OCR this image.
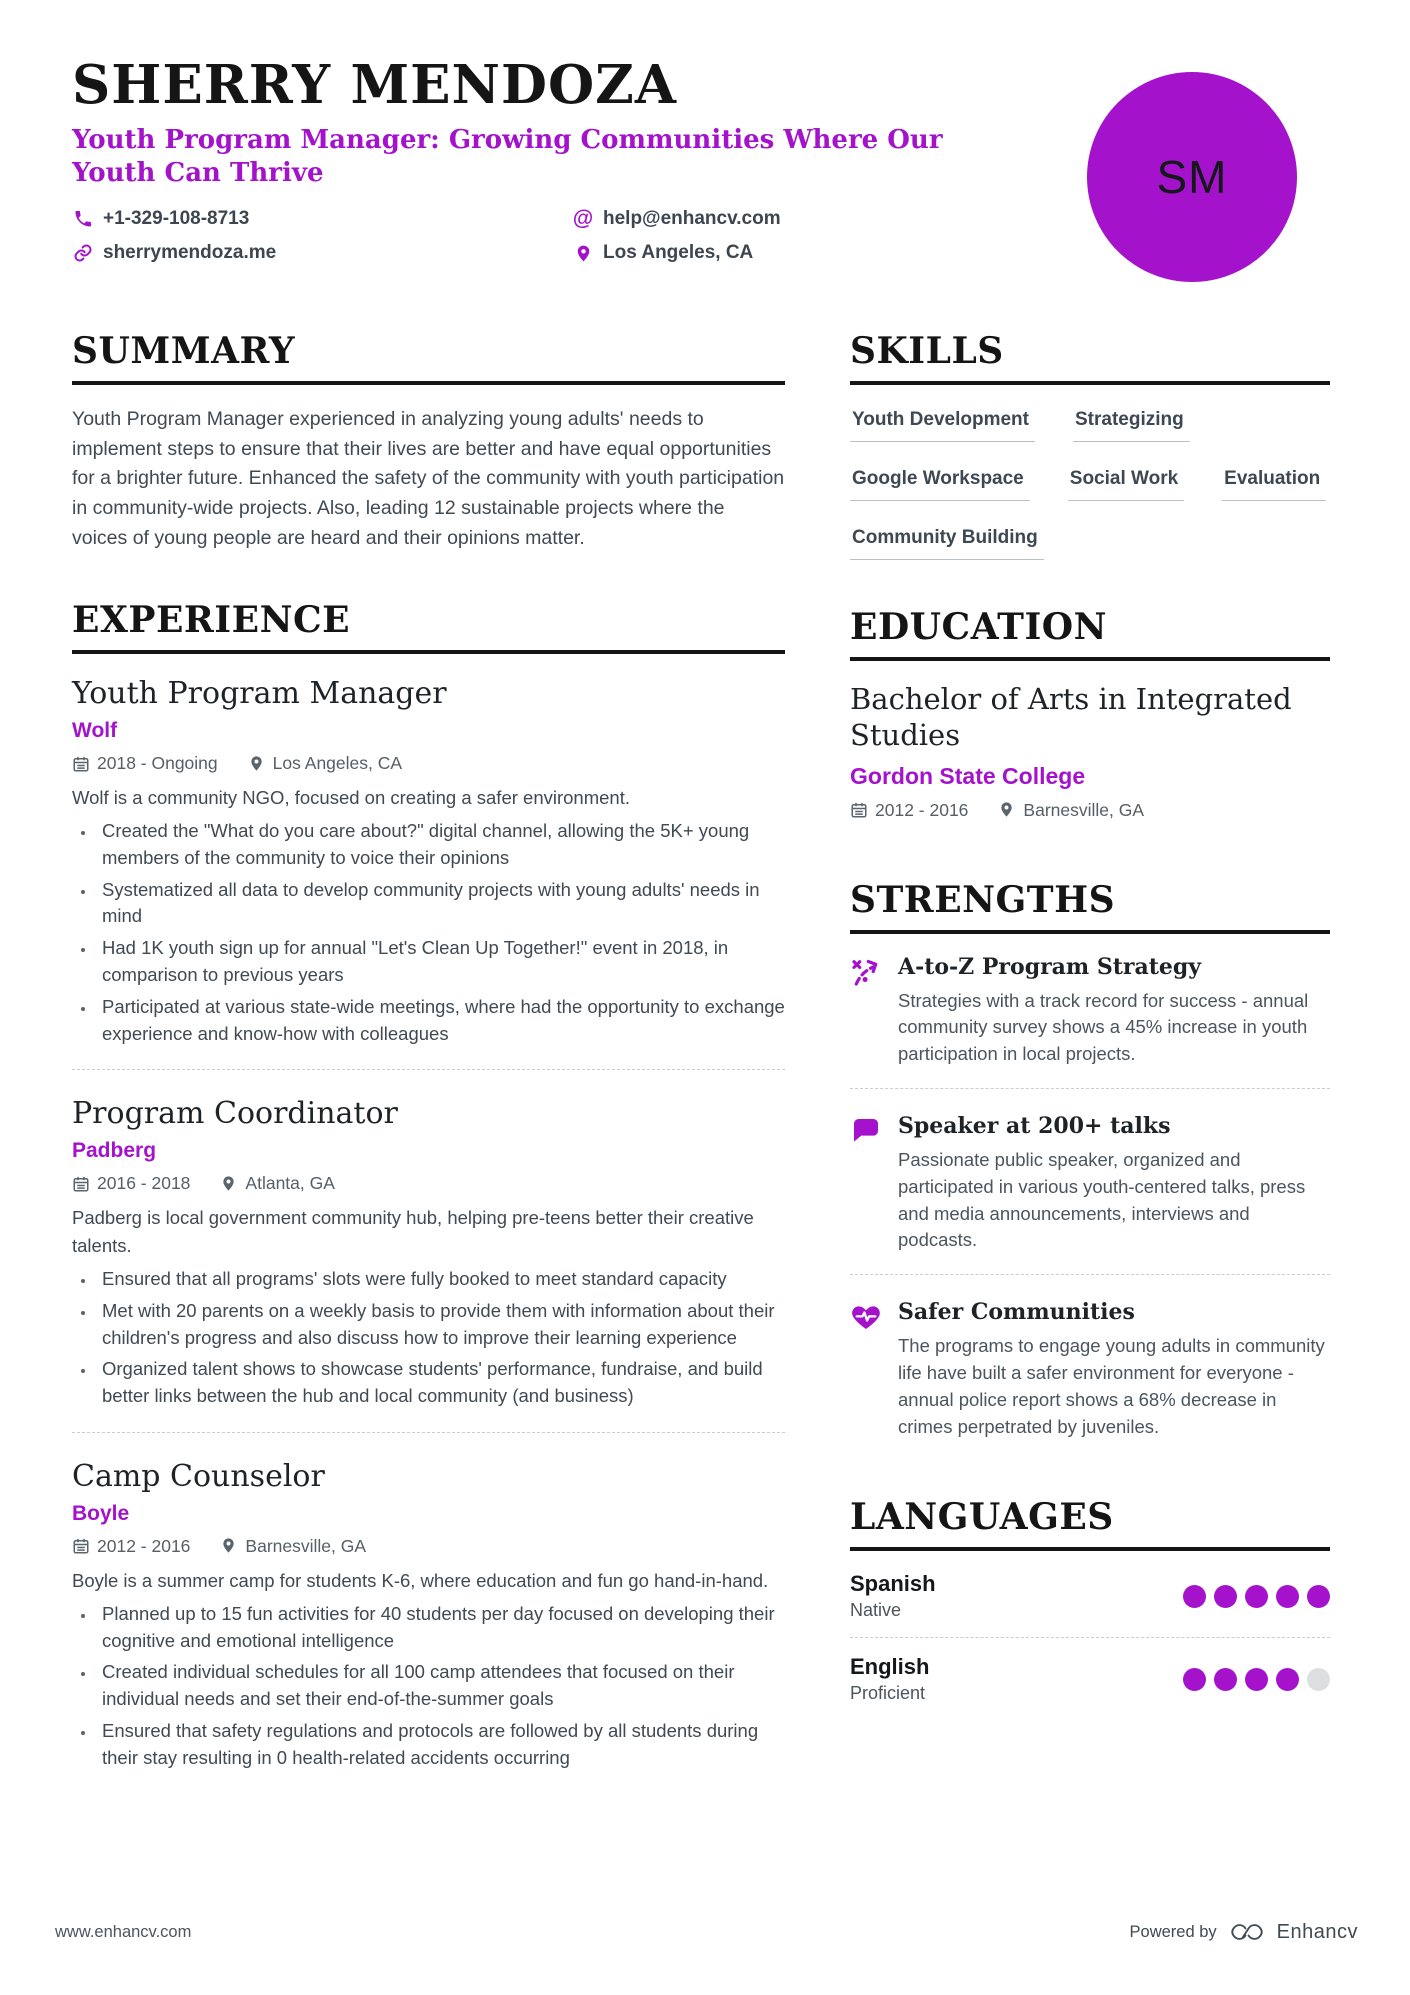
SHERRY MENDOZA
Youth Program Manager: Growing Communities Where Our Youth Can Thrive
+1-329-108-8713	@ help@enhancv.com
sherrymendoza.me	Los Angeles, CA
SM
SUMMARY

Youth Program Manager experienced in analyzing young adults' needs to implement steps to ensure that their lives are better and have equal opportunities for a brighter future. Enhanced the safety of the community with youth participation in community-wide projects. Also, leading 12 sustainable projects where the voices of young people are heard and their opinions matter.

EXPERIENCE
Youth Program Manager
Wolf
2018 - Ongoing	Los Angeles, CA
Wolf is a community NGO, focused on creating a safer environment.
• Created the "What do you care about?" digital channel, allowing the 5K+ young members of the community to voice their opinions
• Systematized all data to develop community projects with young adults' needs in mind
• Had 1K youth sign up for annual "Let's Clean Up Together!" event in 2018, in comparison to previous years
• Participated at various state-wide meetings, where had the opportunity to exchange experience and know-how with colleagues
Program Coordinator
Padberg
2016 - 2018	Atlanta, GA
Padberg is local government community hub, helping pre-teens better their creative talents.
• Ensured that all programs' slots were fully booked to meet standard capacity
• Met with 20 parents on a weekly basis to provide them with information about their children's progress and also discuss how to improve their learning experience
• Organized talent shows to showcase students' performance, fundraise, and build better links between the hub and local community (and business)
Camp Counselor
Boyle
2012 - 2016	Barnesville, GA
Boyle is a summer camp for students K-6, where education and fun go hand-in-hand.
• Planned up to 15 fun activities for 40 students per day focused on developing their cognitive and emotional intelligence
• Created individual schedules for all 100 camp attendees that focused on their individual needs and set their end-of-the-summer goals
• Ensured that safety regulations and protocols are followed by all students during their stay resulting in 0 health-related accidents occurring
SKILLS
Youth Development	Strategizing
Google Workspace	Social Work	Evaluation
Community Building
EDUCATION
Bachelor of Arts in Integrated Studies
Gordon State College
2012 - 2016	Barnesville, GA
STRENGTHS
A-to-Z Program Strategy
Strategies with a track record for success - annual community survey shows a 45% increase in youth participation in local projects.
Speaker at 200+ talks
Passionate public speaker, organized and participated in various youth-centered talks, press and media announcements, interviews and podcasts.
Safer Communities
The programs to engage young adults in community life have built a safer environment for everyone - annual police report shows a 68% decrease in crimes perpetrated by juveniles.
LANGUAGES
Spanish
Native
English
Proficient
www.enhancv.com	Powered by	Enhancv
